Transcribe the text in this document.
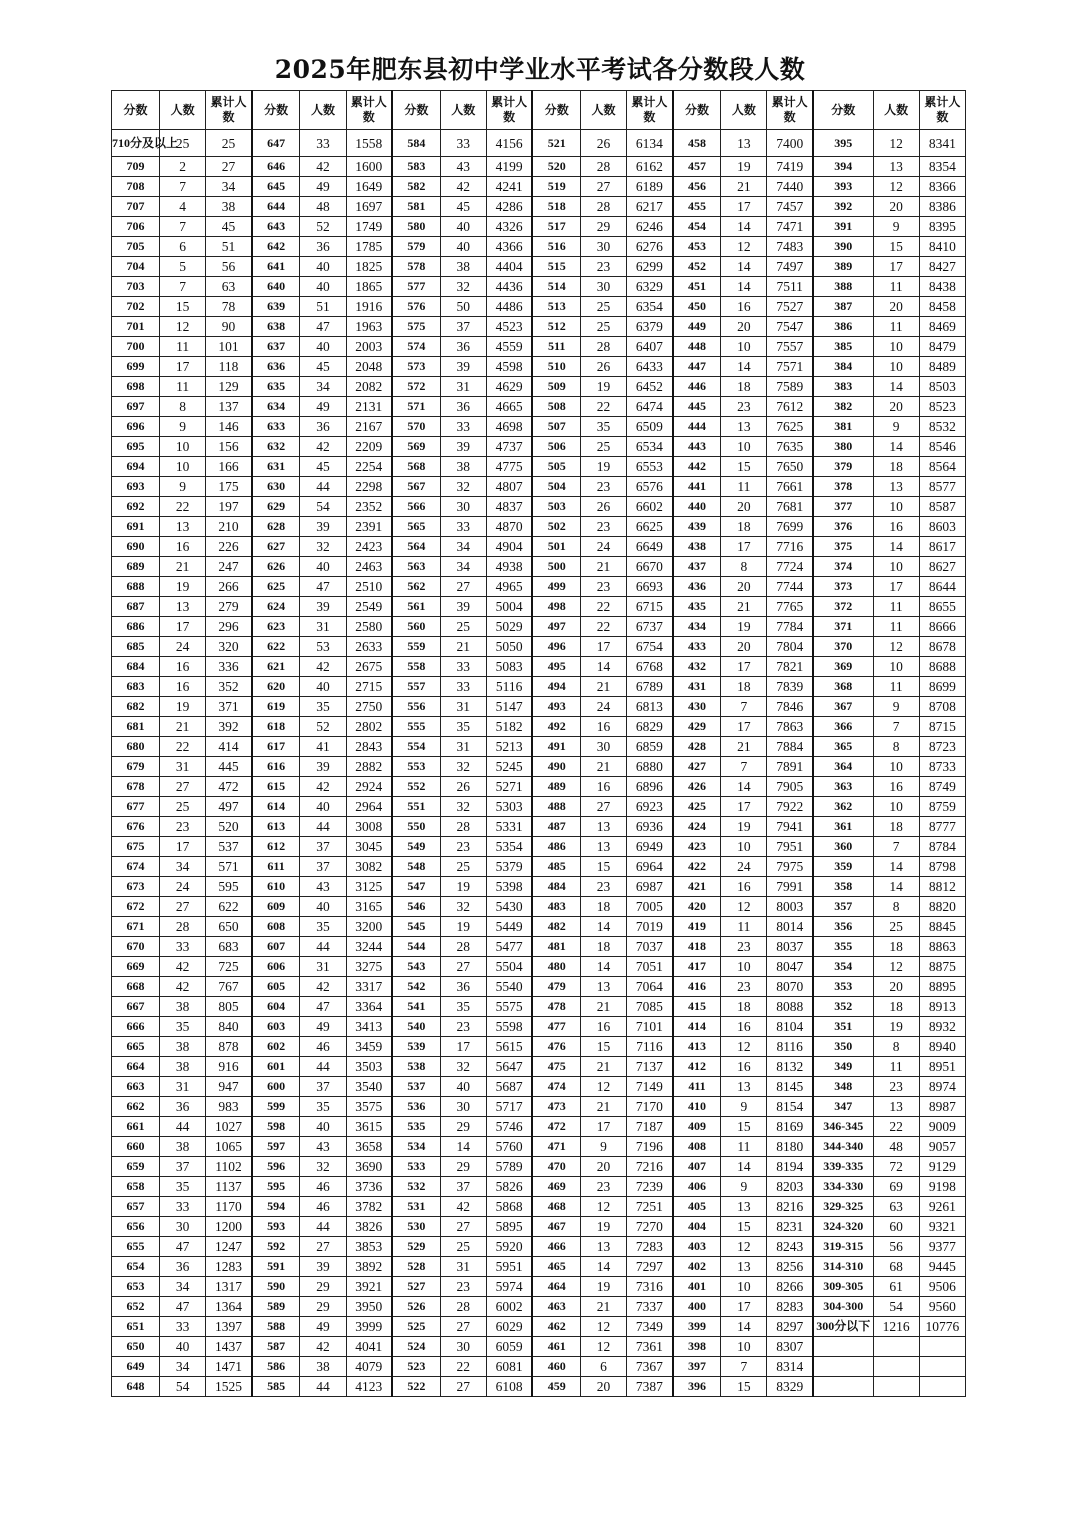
2025年肥东县初中学业水平考试各分数段人数
分数	人数	累计人数	分数	人数	累计人数	分数	人数	累计人数	分数	人数	累计人数	分数	人数	累计人数	分数	人数	累计人数
710分及以上	25	25	647	33	1558	584	33	4156	521	26	6134	458	13	7400	395	12	8341
709	2	27	646	42	1600	583	43	4199	520	28	6162	457	19	7419	394	13	8354
708	7	34	645	49	1649	582	42	4241	519	27	6189	456	21	7440	393	12	8366
707	4	38	644	48	1697	581	45	4286	518	28	6217	455	17	7457	392	20	8386
706	7	45	643	52	1749	580	40	4326	517	29	6246	454	14	7471	391	9	8395
705	6	51	642	36	1785	579	40	4366	516	30	6276	453	12	7483	390	15	8410
704	5	56	641	40	1825	578	38	4404	515	23	6299	452	14	7497	389	17	8427
703	7	63	640	40	1865	577	32	4436	514	30	6329	451	14	7511	388	11	8438
702	15	78	639	51	1916	576	50	4486	513	25	6354	450	16	7527	387	20	8458
701	12	90	638	47	1963	575	37	4523	512	25	6379	449	20	7547	386	11	8469
700	11	101	637	40	2003	574	36	4559	511	28	6407	448	10	7557	385	10	8479
699	17	118	636	45	2048	573	39	4598	510	26	6433	447	14	7571	384	10	8489
698	11	129	635	34	2082	572	31	4629	509	19	6452	446	18	7589	383	14	8503
697	8	137	634	49	2131	571	36	4665	508	22	6474	445	23	7612	382	20	8523
696	9	146	633	36	2167	570	33	4698	507	35	6509	444	13	7625	381	9	8532
695	10	156	632	42	2209	569	39	4737	506	25	6534	443	10	7635	380	14	8546
694	10	166	631	45	2254	568	38	4775	505	19	6553	442	15	7650	379	18	8564
693	9	175	630	44	2298	567	32	4807	504	23	6576	441	11	7661	378	13	8577
692	22	197	629	54	2352	566	30	4837	503	26	6602	440	20	7681	377	10	8587
691	13	210	628	39	2391	565	33	4870	502	23	6625	439	18	7699	376	16	8603
690	16	226	627	32	2423	564	34	4904	501	24	6649	438	17	7716	375	14	8617
689	21	247	626	40	2463	563	34	4938	500	21	6670	437	8	7724	374	10	8627
688	19	266	625	47	2510	562	27	4965	499	23	6693	436	20	7744	373	17	8644
687	13	279	624	39	2549	561	39	5004	498	22	6715	435	21	7765	372	11	8655
686	17	296	623	31	2580	560	25	5029	497	22	6737	434	19	7784	371	11	8666
685	24	320	622	53	2633	559	21	5050	496	17	6754	433	20	7804	370	12	8678
684	16	336	621	42	2675	558	33	5083	495	14	6768	432	17	7821	369	10	8688
683	16	352	620	40	2715	557	33	5116	494	21	6789	431	18	7839	368	11	8699
682	19	371	619	35	2750	556	31	5147	493	24	6813	430	7	7846	367	9	8708
681	21	392	618	52	2802	555	35	5182	492	16	6829	429	17	7863	366	7	8715
680	22	414	617	41	2843	554	31	5213	491	30	6859	428	21	7884	365	8	8723
679	31	445	616	39	2882	553	32	5245	490	21	6880	427	7	7891	364	10	8733
678	27	472	615	42	2924	552	26	5271	489	16	6896	426	14	7905	363	16	8749
677	25	497	614	40	2964	551	32	5303	488	27	6923	425	17	7922	362	10	8759
676	23	520	613	44	3008	550	28	5331	487	13	6936	424	19	7941	361	18	8777
675	17	537	612	37	3045	549	23	5354	486	13	6949	423	10	7951	360	7	8784
674	34	571	611	37	3082	548	25	5379	485	15	6964	422	24	7975	359	14	8798
673	24	595	610	43	3125	547	19	5398	484	23	6987	421	16	7991	358	14	8812
672	27	622	609	40	3165	546	32	5430	483	18	7005	420	12	8003	357	8	8820
671	28	650	608	35	3200	545	19	5449	482	14	7019	419	11	8014	356	25	8845
670	33	683	607	44	3244	544	28	5477	481	18	7037	418	23	8037	355	18	8863
669	42	725	606	31	3275	543	27	5504	480	14	7051	417	10	8047	354	12	8875
668	42	767	605	42	3317	542	36	5540	479	13	7064	416	23	8070	353	20	8895
667	38	805	604	47	3364	541	35	5575	478	21	7085	415	18	8088	352	18	8913
666	35	840	603	49	3413	540	23	5598	477	16	7101	414	16	8104	351	19	8932
665	38	878	602	46	3459	539	17	5615	476	15	7116	413	12	8116	350	8	8940
664	38	916	601	44	3503	538	32	5647	475	21	7137	412	16	8132	349	11	8951
663	31	947	600	37	3540	537	40	5687	474	12	7149	411	13	8145	348	23	8974
662	36	983	599	35	3575	536	30	5717	473	21	7170	410	9	8154	347	13	8987
661	44	1027	598	40	3615	535	29	5746	472	17	7187	409	15	8169	346-345	22	9009
660	38	1065	597	43	3658	534	14	5760	471	9	7196	408	11	8180	344-340	48	9057
659	37	1102	596	32	3690	533	29	5789	470	20	7216	407	14	8194	339-335	72	9129
658	35	1137	595	46	3736	532	37	5826	469	23	7239	406	9	8203	334-330	69	9198
657	33	1170	594	46	3782	531	42	5868	468	12	7251	405	13	8216	329-325	63	9261
656	30	1200	593	44	3826	530	27	5895	467	19	7270	404	15	8231	324-320	60	9321
655	47	1247	592	27	3853	529	25	5920	466	13	7283	403	12	8243	319-315	56	9377
654	36	1283	591	39	3892	528	31	5951	465	14	7297	402	13	8256	314-310	68	9445
653	34	1317	590	29	3921	527	23	5974	464	19	7316	401	10	8266	309-305	61	9506
652	47	1364	589	29	3950	526	28	6002	463	21	7337	400	17	8283	304-300	54	9560
651	33	1397	588	49	3999	525	27	6029	462	12	7349	399	14	8297	300分以下	1216	10776
650	40	1437	587	42	4041	524	30	6059	461	12	7361	398	10	8307			
649	34	1471	586	38	4079	523	22	6081	460	6	7367	397	7	8314			
648	54	1525	585	44	4123	522	27	6108	459	20	7387	396	15	8329			
